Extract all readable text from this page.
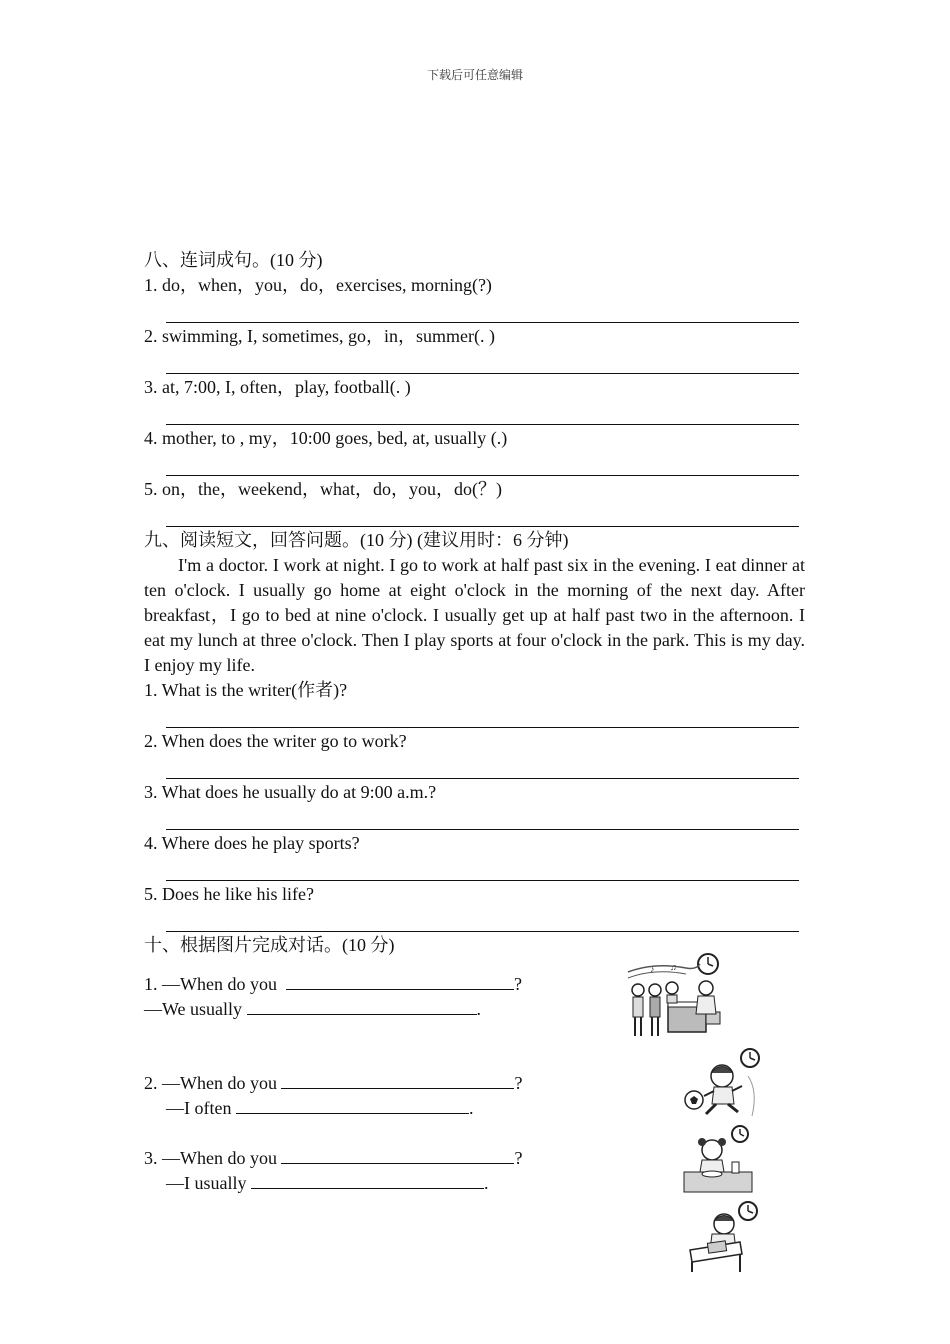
下载后可任意编辑
八、连词成句。(10 分)
1. do，when，you，do，exercises, morning(?)
2. swimming, I, sometimes, go，in，summer(. )
3. at, 7:00, I, often，play, football(. )
4. mother, to , my，10:00 goes, bed, at, usually (.)
5. on，the，weekend，what，do，you，do(？)
九、阅读短文，回答问题。(10 分) (建议用时：6 分钟)
I'm a doctor. I work at night. I go to work at half past six in the evening. I eat dinner at ten o'clock. I usually go home at eight o'clock in the morning of the next day. After breakfast，I go to bed at nine o'clock. I usually get up at half past two in the afternoon. I eat my lunch at three o'clock. Then I play sports at four o'clock in the park. This is my day. I enjoy my life.
1. What is the writer(作者)?
2. When does the writer go to work?
3. What does he usually do at 9:00 a.m.?
4. Where does he play sports?
5. Does he like his life?
十、根据图片完成对话。(10 分)
1. —When do you	?
—We usually	.
2. —When do you	?
—I often	.
3. —When do you	?
—I usually	.
♪ ♫
